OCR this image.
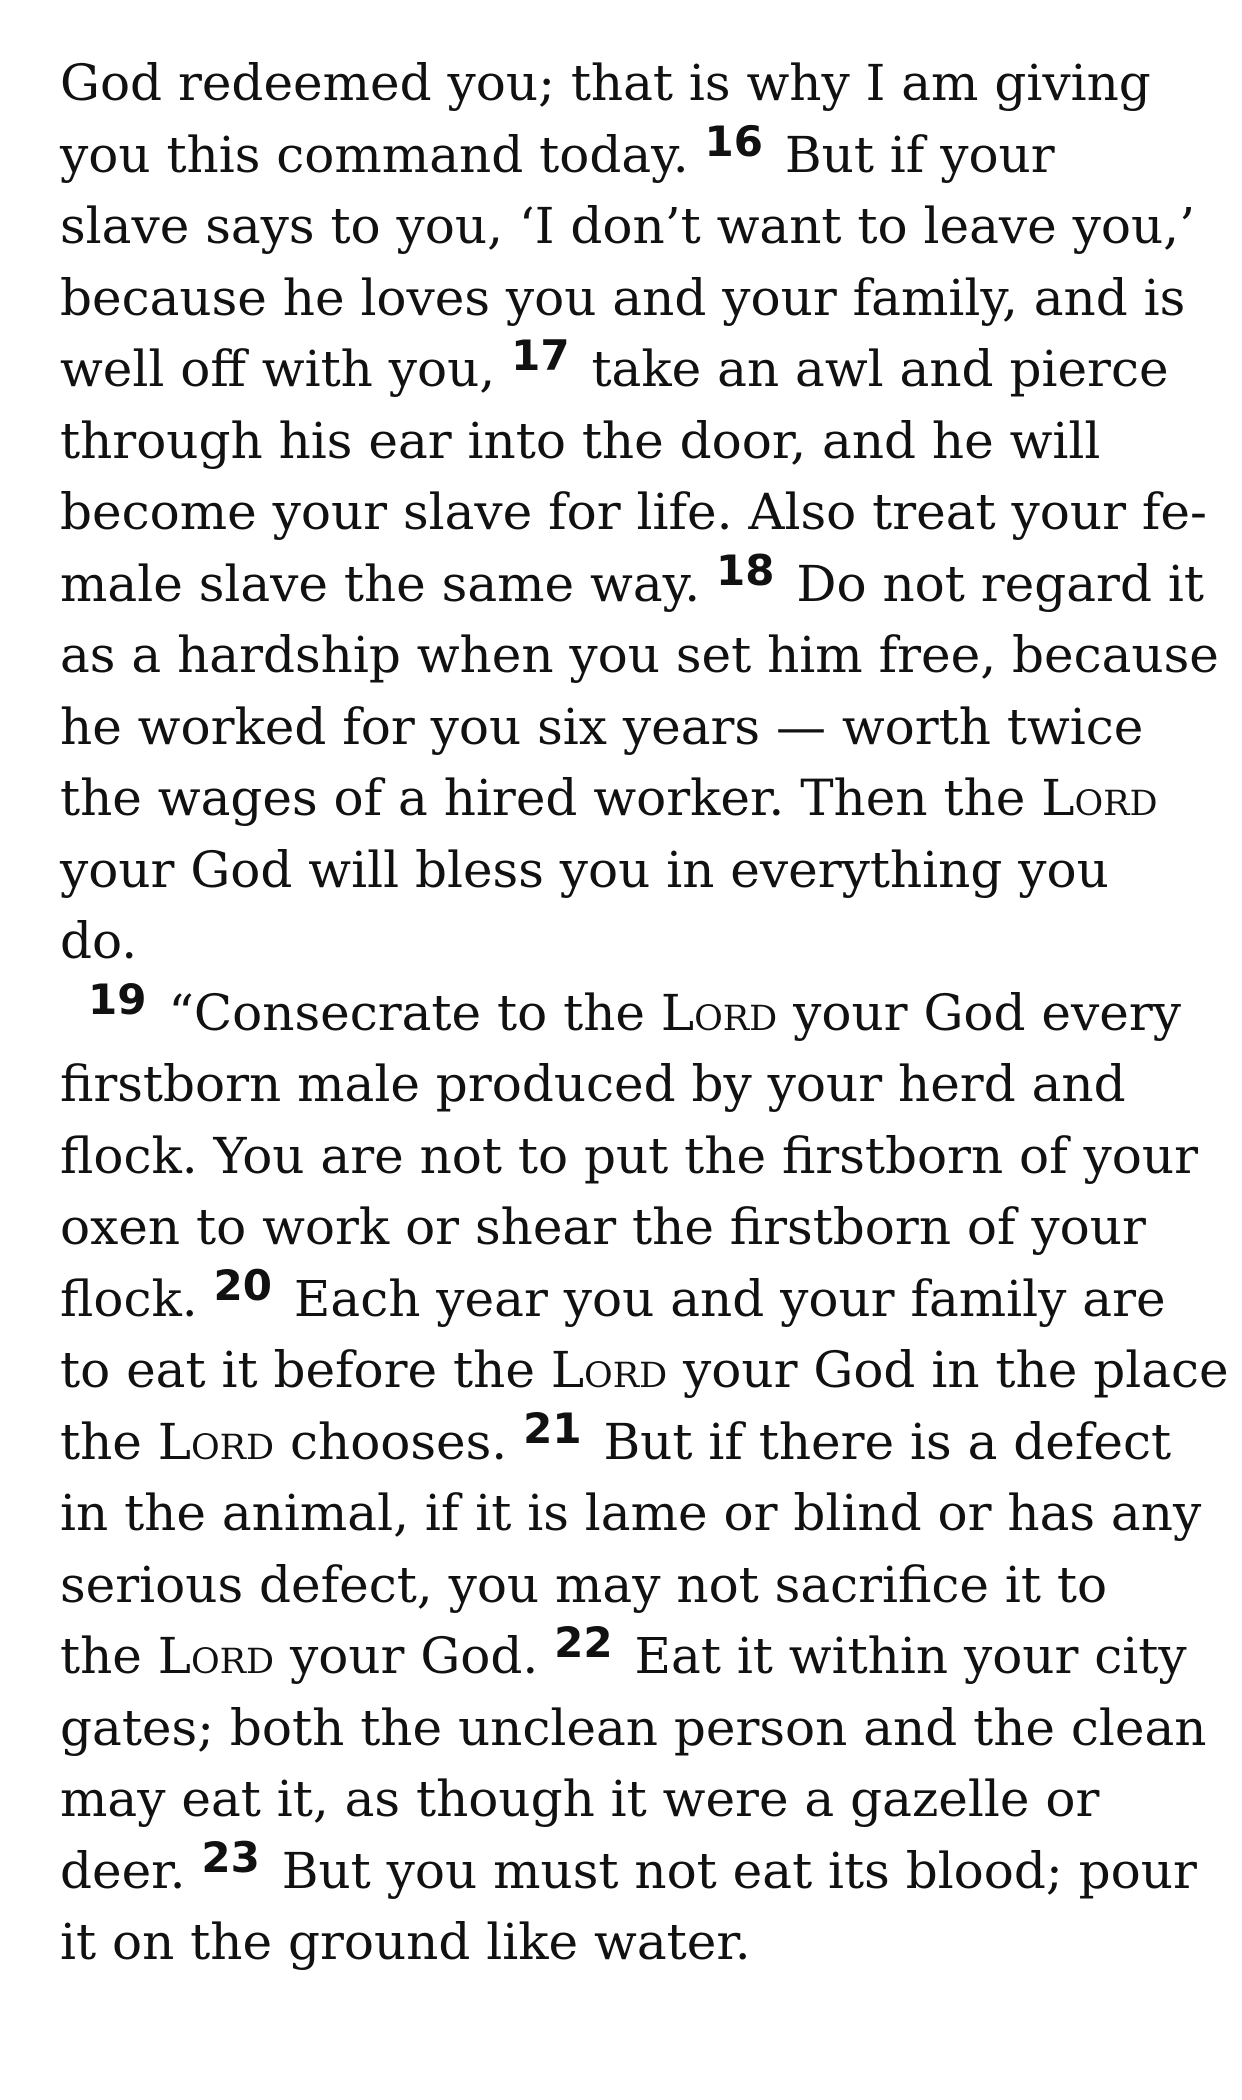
God redeemed you; that is why I am giving
you this command today. $^{16}$ But if your
slave says to you, ‘I don’t want to leave you,’
because he loves you and your family, and is
well off with you, $^{17}$ take an awl and pierce
through his ear into the door, and he will
become your slave for life. Also treat your fe-
male slave the same way. $^{18}$ Do not regard it
as a hardship when you set him free, because
he worked for you six years — worth twice
the wages of a hired worker. Then the Lord
your God will bless you in everything you
do.
$^{19}$ “Consecrate to the Lord your God every
firstborn male produced by your herd and
flock. You are not to put the firstborn of your
oxen to work or shear the firstborn of your
flock. $^{20}$ Each year you and your family are
to eat it before the Lord your God in the place
the Lord chooses. $^{21}$ But if there is a defect
in the animal, if it is lame or blind or has any
serious defect, you may not sacrifice it to
the Lord your God. $^{22}$ Eat it within your city
gates; both the unclean person and the clean
may eat it, as though it were a gazelle or
deer. $^{23}$ But you must not eat its blood; pour
it on the ground like water.
